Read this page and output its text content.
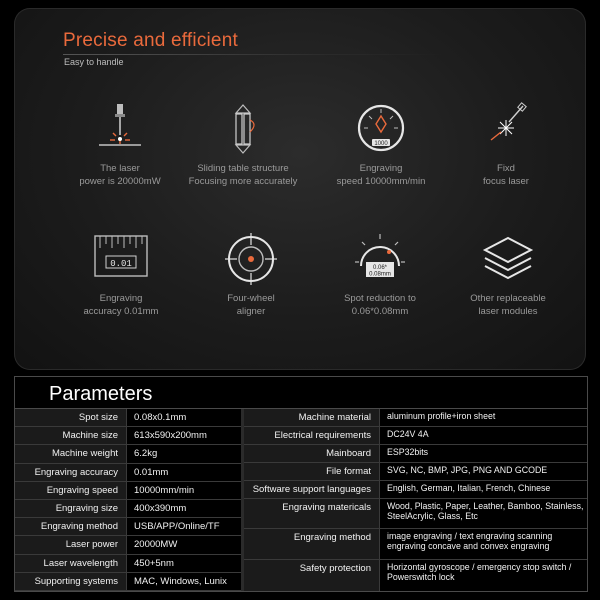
Precise and efficient
Easy to handle
The laser
power is 20000mW
Sliding table structure
Focusing more accurately
1000
Engraving
speed 10000mm/min
Fixd
focus laser
0.01
Engraving
accuracy 0.01mm
Four-wheel
aligner
0.06*
0.08mm
Spot reduction to
0.06*0.08mm
Other replaceable
laser modules
Parameters
Spot size	0.08x0.1mm
Machine size	613x590x200mm
Machine weight	6.2kg
Engraving accuracy	0.01mm
Engraving speed	10000mm/min
Engraving size	400x390mm
Engraving method	USB/APP/Online/TF
Laser power	20000MW
Laser wavelength	450+5nm
Supporting systems	MAC, Windows, Lunix
Machine material	aluminum profile+iron sheet
Electrical requirements	DC24V 4A
Mainboard	ESP32bits
File format	SVG, NC, BMP, JPG, PNG AND GCODE
Software support languages	English, German, Italian, French, Chinese
Engraving matericals	Wood, Plastic, Paper, Leather, Bamboo, Stainless, SteelAcrylic, Glass, Etc
Engraving method	image engraving / text engraving scanning engraving concave and convex engraving
Safety protection	Horizontal gyroscope / emergency stop switch / Powerswitch lock
